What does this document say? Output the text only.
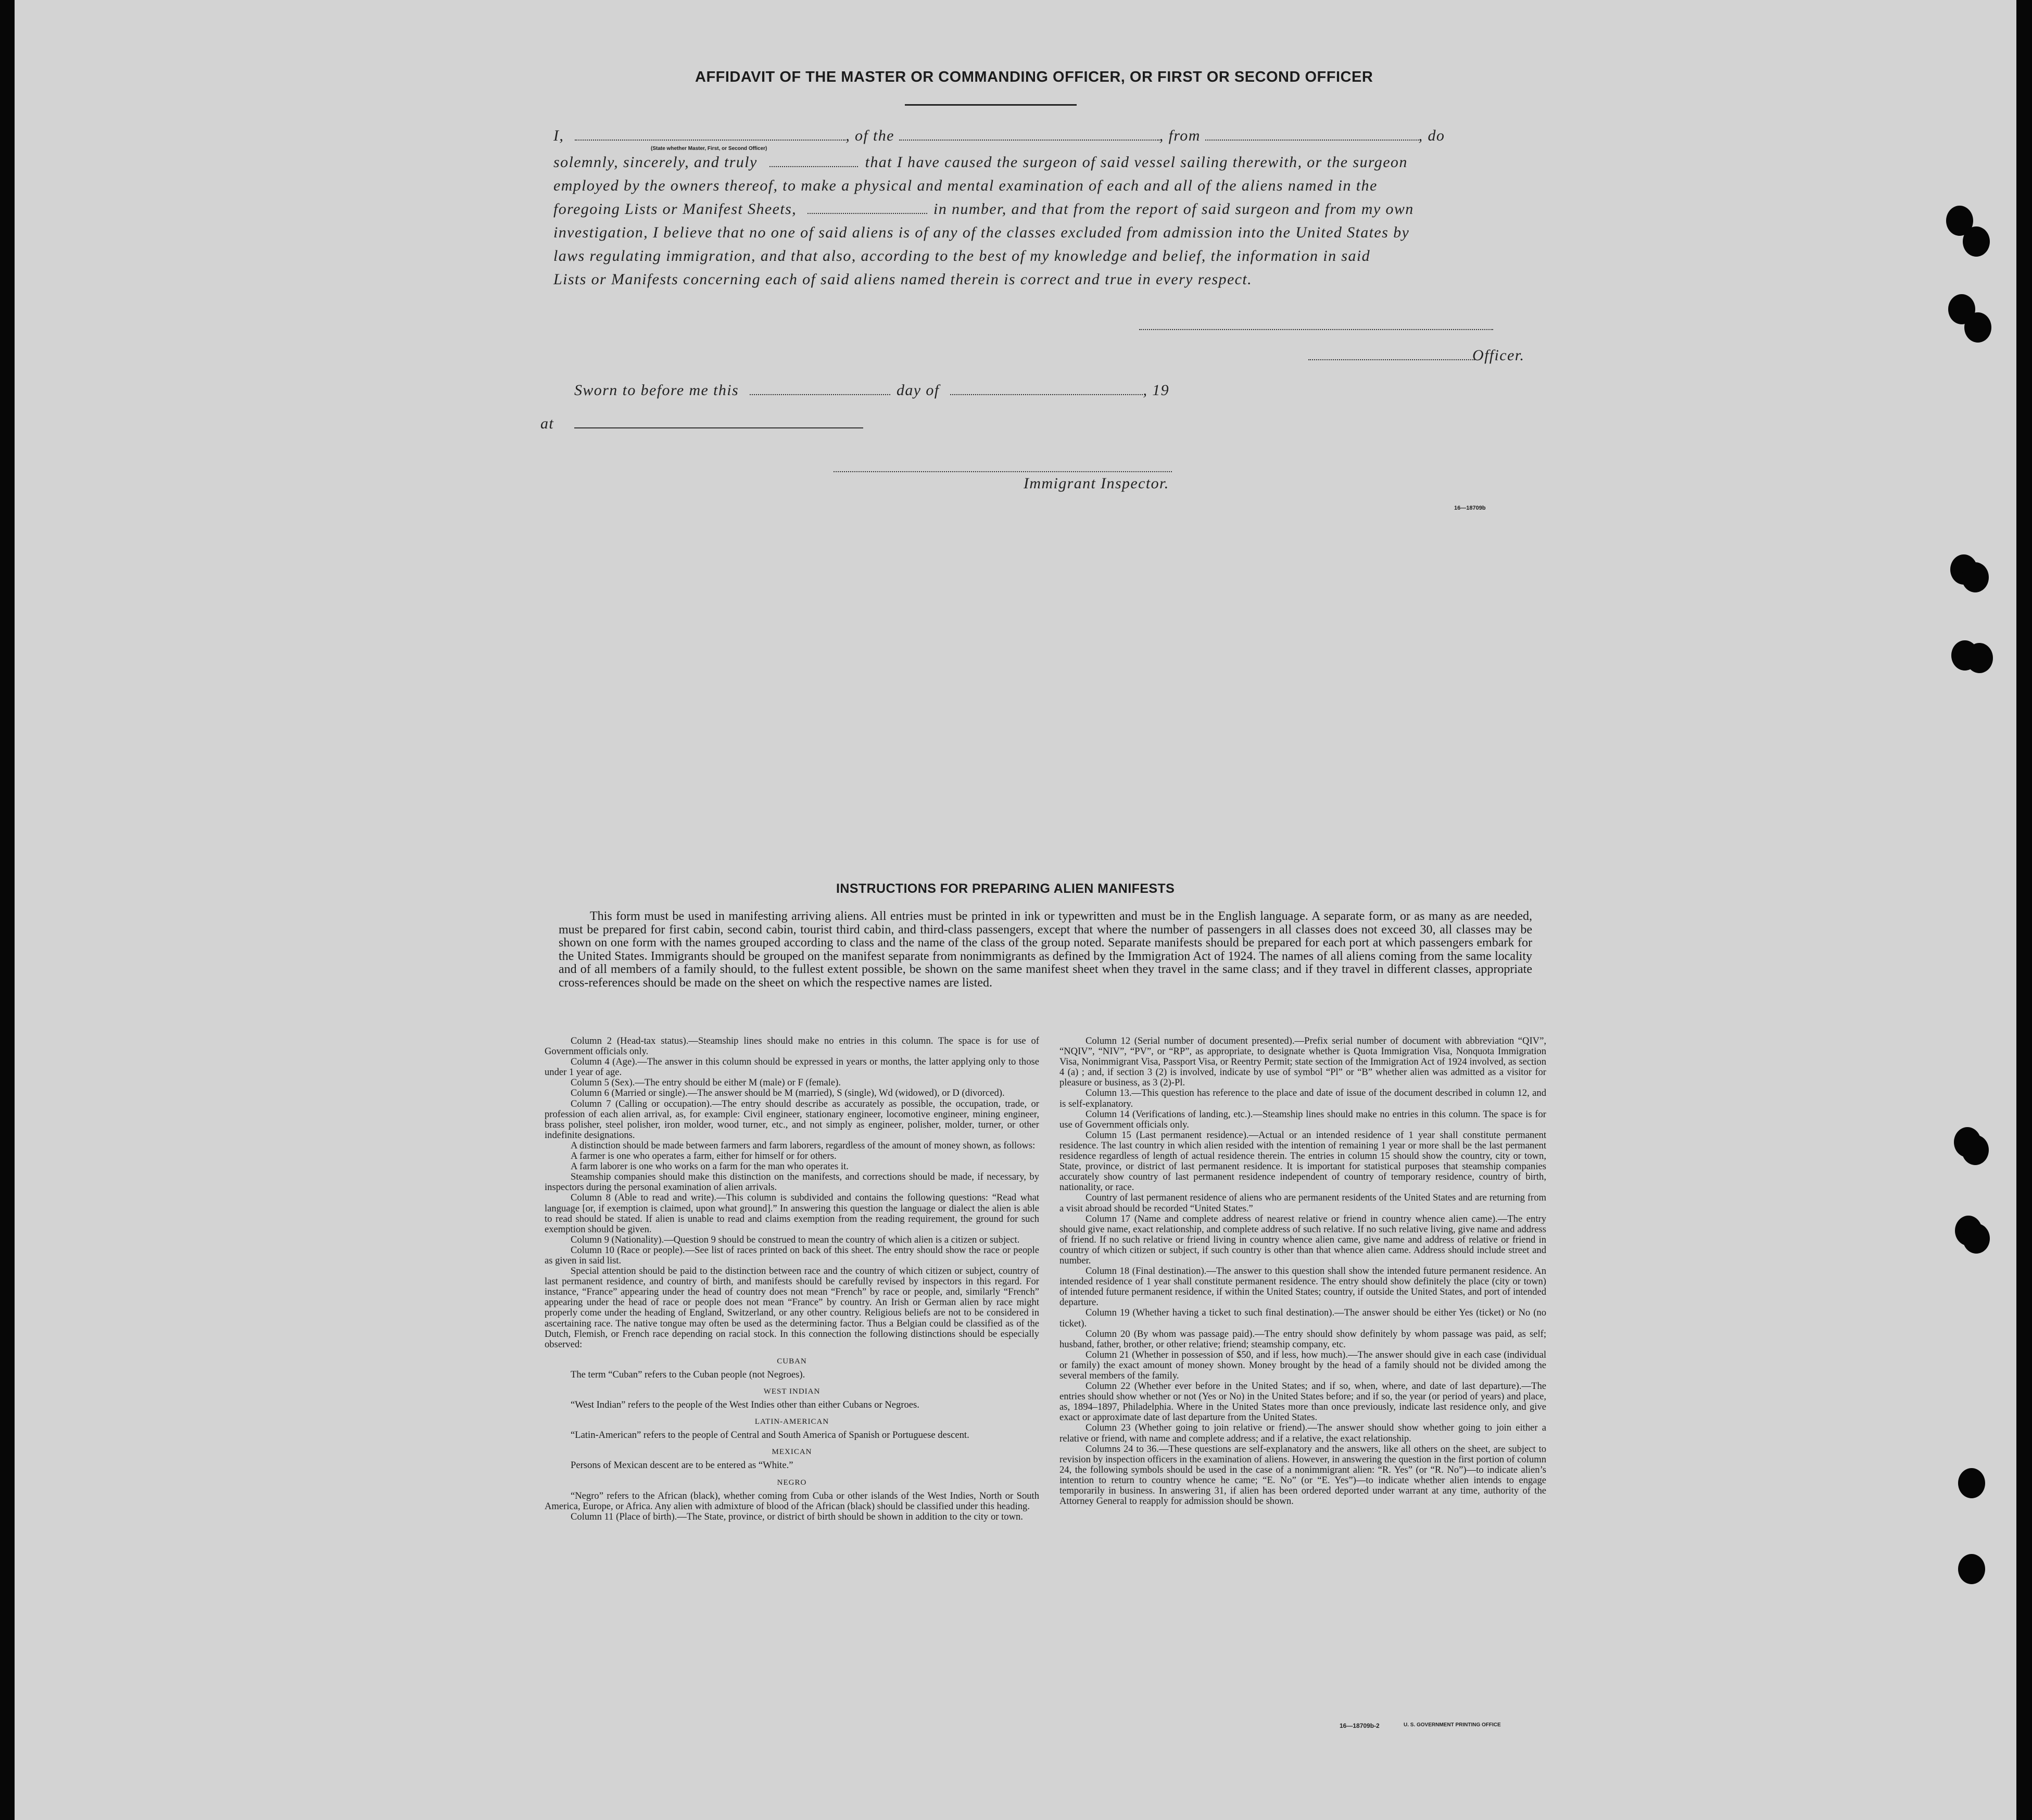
AFFIDAVIT OF THE MASTER OR COMMANDING OFFICER, OR FIRST OR SECOND OFFICER
I,	, of the	, from	, do
(State whether Master, First, or Second Officer)
solemnly, sincerely, and truly	that I have caused the surgeon of said vessel sailing therewith, or the surgeon
employed by the owners thereof, to make a physical and mental examination of each and all of the aliens named in the
foregoing Lists or Manifest Sheets,	in number, and that from the report of said surgeon and from my own
investigation, I believe that no one of said aliens is of any of the classes excluded from admission into the United States by
laws regulating immigration, and that also, according to the best of my knowledge and belief, the information in said
Lists or Manifests concerning each of said aliens named therein is correct and true in every respect.
Officer.
Sworn to before me this	day of	, 19
at
Immigrant Inspector.
16—18709b
INSTRUCTIONS FOR PREPARING ALIEN MANIFESTS
This form must be used in manifesting arriving aliens. All entries must be printed in ink or typewritten and must be in the English language. A separate form, or as many as are needed, must be prepared for first cabin, second cabin, tourist third cabin, and third-class passengers, except that where the number of passengers in all classes does not exceed 30, all classes may be shown on one form with the names grouped according to class and the name of the class of the group noted. Separate manifests should be prepared for each port at which passengers embark for the United States. Immigrants should be grouped on the manifest separate from nonimmigrants as defined by the Immigration Act of 1924. The names of all aliens coming from the same locality and of all members of a family should, to the fullest extent possible, be shown on the same manifest sheet when they travel in the same class; and if they travel in different classes, appropriate cross-references should be made on the sheet on which the respective names are listed.

Column 2 (Head-tax status).—Steamship lines should make no entries in this column. The space is for use of Government officials only.

Column 4 (Age).—The answer in this column should be expressed in years or months, the latter applying only to those under 1 year of age.

Column 5 (Sex).—The entry should be either M (male) or F (female).

Column 6 (Married or single).—The answer should be M (married), S (single), Wd (widowed), or D (divorced).

Column 7 (Calling or occupation).—The entry should describe as accurately as possible, the occupation, trade, or profession of each alien arrival, as, for example: Civil engineer, stationary engineer, locomotive engineer, mining engineer, brass polisher, steel polisher, iron molder, wood turner, etc., and not simply as engineer, polisher, molder, turner, or other indefinite designations.

A distinction should be made between farmers and farm laborers, regardless of the amount of money shown, as follows:

A farmer is one who operates a farm, either for himself or for others.

A farm laborer is one who works on a farm for the man who operates it.

Steamship companies should make this distinction on the manifests, and corrections should be made, if necessary, by inspectors during the personal examination of alien arrivals.

Column 8 (Able to read and write).—This column is subdivided and contains the following questions: “Read what language [or, if exemption is claimed, upon what ground].” In answering this question the language or dialect the alien is able to read should be stated. If alien is unable to read and claims exemption from the reading requirement, the ground for such exemption should be given.

Column 9 (Nationality).—Question 9 should be construed to mean the country of which alien is a citizen or subject.

Column 10 (Race or people).—See list of races printed on back of this sheet. The entry should show the race or people as given in said list.

Special attention should be paid to the distinction between race and the country of which citizen or subject, country of last permanent residence, and country of birth, and manifests should be carefully revised by inspectors in this regard. For instance, “France” appearing under the head of country does not mean “French” by race or people, and, similarly “French” appearing under the head of race or people does not mean “France” by country. An Irish or German alien by race might properly come under the heading of England, Switzerland, or any other country. Religious beliefs are not to be considered in ascertaining race. The native tongue may often be used as the determining factor. Thus a Belgian could be classified as of the Dutch, Flemish, or French race depending on racial stock. In this connection the following distinctions should be especially observed:

CUBAN

The term “Cuban” refers to the Cuban people (not Negroes).

WEST INDIAN

“West Indian” refers to the people of the West Indies other than either Cubans or Negroes.

LATIN-AMERICAN

“Latin-American” refers to the people of Central and South America of Spanish or Portuguese descent.

MEXICAN

Persons of Mexican descent are to be entered as “White.”

NEGRO

“Negro” refers to the African (black), whether coming from Cuba or other islands of the West Indies, North or South America, Europe, or Africa. Any alien with admixture of blood of the African (black) should be classified under this heading.

Column 11 (Place of birth).—The State, province, or district of birth should be shown in addition to the city or town.

Column 12 (Serial number of document presented).—Prefix serial number of document with abbreviation “QIV”, “NQIV”, “NIV”, “PV”, or “RP”, as appropriate, to designate whether is Quota Immigration Visa, Nonquota Immigration Visa, Nonimmigrant Visa, Passport Visa, or Reentry Permit; state section of the Immigration Act of 1924 involved, as section 4 (a) ; and, if section 3 (2) is involved, indicate by use of symbol “Pl” or “B” whether alien was admitted as a visitor for pleasure or business, as 3 (2)-Pl.

Column 13.—This question has reference to the place and date of issue of the document described in column 12, and is self-explanatory.

Column 14 (Verifications of landing, etc.).—Steamship lines should make no entries in this column. The space is for use of Government officials only.

Column 15 (Last permanent residence).—Actual or an intended residence of 1 year shall constitute permanent residence. The last country in which alien resided with the intention of remaining 1 year or more shall be the last permanent residence regardless of length of actual residence therein. The entries in column 15 should show the country, city or town, State, province, or district of last permanent residence. It is important for statistical purposes that steamship companies accurately show country of last permanent residence independent of country of temporary residence, country of birth, nationality, or race.

Country of last permanent residence of aliens who are permanent residents of the United States and are returning from a visit abroad should be recorded “United States.”

Column 17 (Name and complete address of nearest relative or friend in country whence alien came).—The entry should give name, exact relationship, and complete address of such relative. If no such relative living, give name and address of friend. If no such relative or friend living in country whence alien came, give name and address of relative or friend in country of which citizen or subject, if such country is other than that whence alien came. Address should include street and number.

Column 18 (Final destination).—The answer to this question shall show the intended future permanent residence. An intended residence of 1 year shall constitute permanent residence. The entry should show definitely the place (city or town) of intended future permanent residence, if within the United States; country, if outside the United States, and port of intended departure.

Column 19 (Whether having a ticket to such final destination).—The answer should be either Yes (ticket) or No (no ticket).

Column 20 (By whom was passage paid).—The entry should show definitely by whom passage was paid, as self; husband, father, brother, or other relative; friend; steamship company, etc.

Column 21 (Whether in possession of $50, and if less, how much).—The answer should give in each case (individual or family) the exact amount of money shown. Money brought by the head of a family should not be divided among the several members of the family.

Column 22 (Whether ever before in the United States; and if so, when, where, and date of last departure).—The entries should show whether or not (Yes or No) in the United States before; and if so, the year (or period of years) and place, as, 1894–1897, Philadelphia. Where in the United States more than once previously, indicate last residence only, and give exact or approximate date of last departure from the United States.

Column 23 (Whether going to join relative or friend).—The answer should show whether going to join either a relative or friend, with name and complete address; and if a relative, the exact relationship.

Columns 24 to 36.—These questions are self-explanatory and the answers, like all others on the sheet, are subject to revision by inspection officers in the examination of aliens. However, in answering the question in the first portion of column 24, the following symbols should be used in the case of a nonimmigrant alien: “R. Yes” (or “R. No”)—to indicate alien’s intention to return to country whence he came; “E. No” (or “E. Yes”)—to indicate whether alien intends to engage temporarily in business. In answering 31, if alien has been ordered deported under warrant at any time, authority of the Attorney General to reapply for admission should be shown.

16—18709b-2	U. S. GOVERNMENT PRINTING OFFICE
